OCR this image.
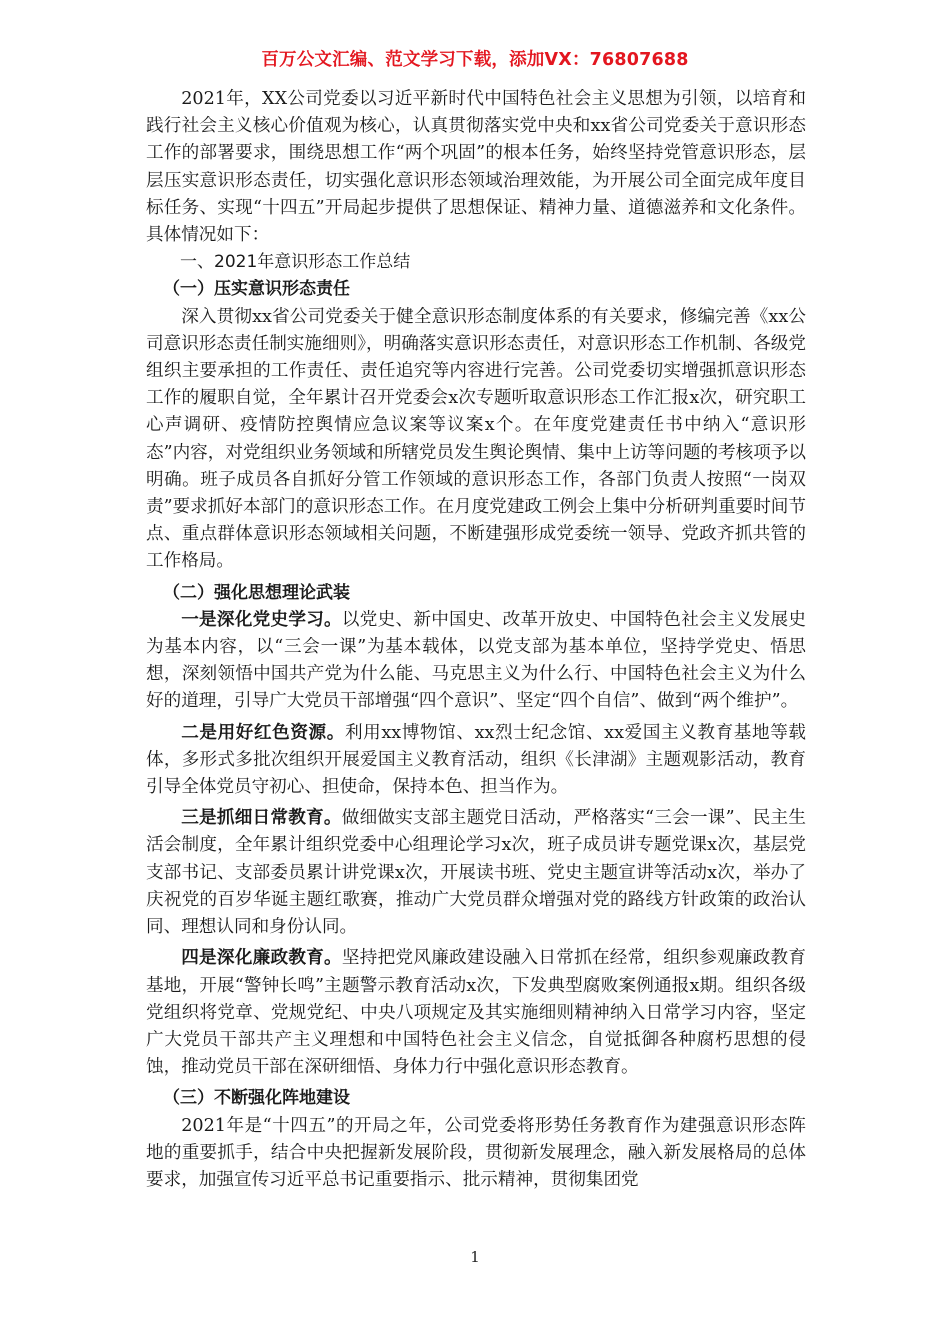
百万公文汇编、范文学习下载，添加VX：76807688

2021年，XX公司党委以习近平新时代中国特色社会主义思想为引领，以培育和践行社会主义核心价值观为核心，认真贯彻落实党中央和xx省公司党委关于意识形态工作的部署要求，围绕思想工作“两个巩固”的根本任务，始终坚持党管意识形态，层层压实意识形态责任，切实强化意识形态领域治理效能，为开展公司全面完成年度目标任务、实现“十四五”开局起步提供了思想保证、精神力量、道德滋养和文化条件。具体情况如下：

一、2021年意识形态工作总结

（一）压实意识形态责任

深入贯彻xx省公司党委关于健全意识形态制度体系的有关要求，修编完善《xx公司意识形态责任制实施细则》，明确落实意识形态责任，对意识形态工作机制、各级党组织主要承担的工作责任、责任追究等内容进行完善。公司党委切实增强抓意识形态工作的履职自觉，全年累计召开党委会x次专题听取意识形态工作汇报x次，研究职工心声调研、疫情防控舆情应急议案等议案x个。在年度党建责任书中纳入“意识形态”内容，对党组织业务领域和所辖党员发生舆论舆情、集中上访等问题的考核项予以明确。班子成员各自抓好分管工作领域的意识形态工作，各部门负责人按照“一岗双责”要求抓好本部门的意识形态工作。在月度党建政工例会上集中分析研判重要时间节点、重点群体意识形态领域相关问题，不断建强形成党委统一领导、党政齐抓共管的工作格局。

（二）强化思想理论武装

一是深化党史学习。以党史、新中国史、改革开放史、中国特色社会主义发展史为基本内容，以“三会一课”为基本载体，以党支部为基本单位，坚持学党史、悟思想，深刻领悟中国共产党为什么能、马克思主义为什么行、中国特色社会主义为什么好的道理，引导广大党员干部增强“四个意识”、坚定“四个自信”、做到“两个维护”。

二是用好红色资源。利用xx博物馆、xx烈士纪念馆、xx爱国主义教育基地等载体，多形式多批次组织开展爱国主义教育活动，组织《长津湖》主题观影活动，教育引导全体党员守初心、担使命，保持本色、担当作为。

三是抓细日常教育。做细做实支部主题党日活动，严格落实“三会一课”、民主生活会制度，全年累计组织党委中心组理论学习x次，班子成员讲专题党课x次，基层党支部书记、支部委员累计讲党课x次，开展读书班、党史主题宣讲等活动x次，举办了庆祝党的百岁华诞主题红歌赛，推动广大党员群众增强对党的路线方针政策的政治认同、理想认同和身份认同。

四是深化廉政教育。坚持把党风廉政建设融入日常抓在经常，组织参观廉政教育基地，开展“警钟长鸣”主题警示教育活动x次，下发典型腐败案例通报x期。组织各级党组织将党章、党规党纪、中央八项规定及其实施细则精神纳入日常学习内容，坚定广大党员干部共产主义理想和中国特色社会主义信念，自觉抵御各种腐朽思想的侵蚀，推动党员干部在深研细悟、身体力行中强化意识形态教育。

（三）不断强化阵地建设

2021年是“十四五”的开局之年，公司党委将形势任务教育作为建强意识形态阵地的重要抓手，结合中央把握新发展阶段，贯彻新发展理念，融入新发展格局的总体要求，加强宣传习近平总书记重要指示、批示精神，贯彻集团党

1
